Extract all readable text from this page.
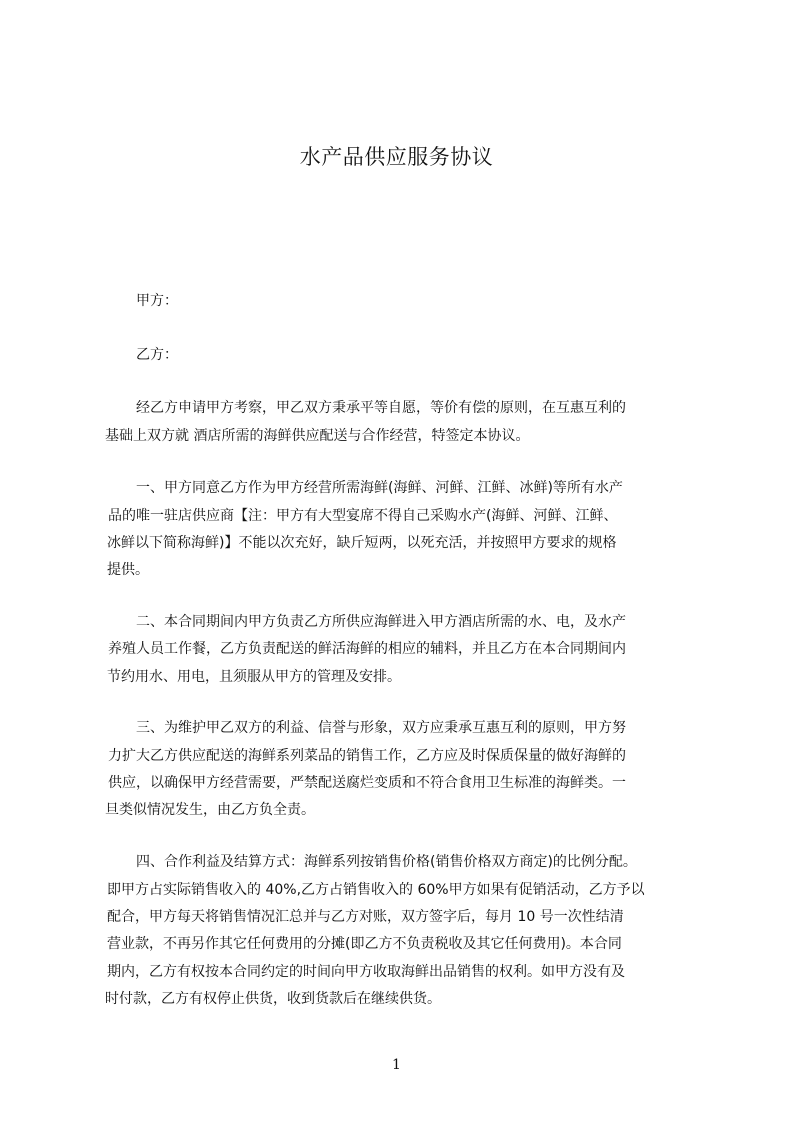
水产品供应服务协议

甲方：

乙方：

经乙方申请甲方考察，甲乙双方秉承平等自愿，等价有偿的原则，在互惠互利的

基础上双方就 酒店所需的海鲜供应配送与合作经营，特签定本协议。

一、甲方同意乙方作为甲方经营所需海鲜(海鲜、河鲜、江鲜、冰鲜)等所有水产

品的唯一驻店供应商【注：甲方有大型宴席不得自己采购水产(海鲜、河鲜、江鲜、

冰鲜以下简称海鲜)】不能以次充好，缺斤短两，以死充活，并按照甲方要求的规格

提供。

二、本合同期间内甲方负责乙方所供应海鲜进入甲方酒店所需的水、电，及水产

养殖人员工作餐，乙方负责配送的鲜活海鲜的相应的辅料，并且乙方在本合同期间内

节约用水、用电，且须服从甲方的管理及安排。

三、为维护甲乙双方的利益、信誉与形象，双方应秉承互惠互利的原则，甲方努

力扩大乙方供应配送的海鲜系列菜品的销售工作，乙方应及时保质保量的做好海鲜的

供应，以确保甲方经营需要，严禁配送腐烂变质和不符合食用卫生标准的海鲜类。一

旦类似情况发生，由乙方负全责。

四、合作利益及结算方式：海鲜系列按销售价格(销售价格双方商定)的比例分配。

即甲方占实际销售收入的 40%,乙方占销售收入的 60%甲方如果有促销活动，乙方予以

配合，甲方每天将销售情况汇总并与乙方对账，双方签字后，每月 10 号一次性结清

营业款，不再另作其它任何费用的分摊(即乙方不负责税收及其它任何费用)。本合同

期内，乙方有权按本合同约定的时间向甲方收取海鲜出品销售的权利。如甲方没有及

时付款，乙方有权停止供货，收到货款后在继续供货。

1
